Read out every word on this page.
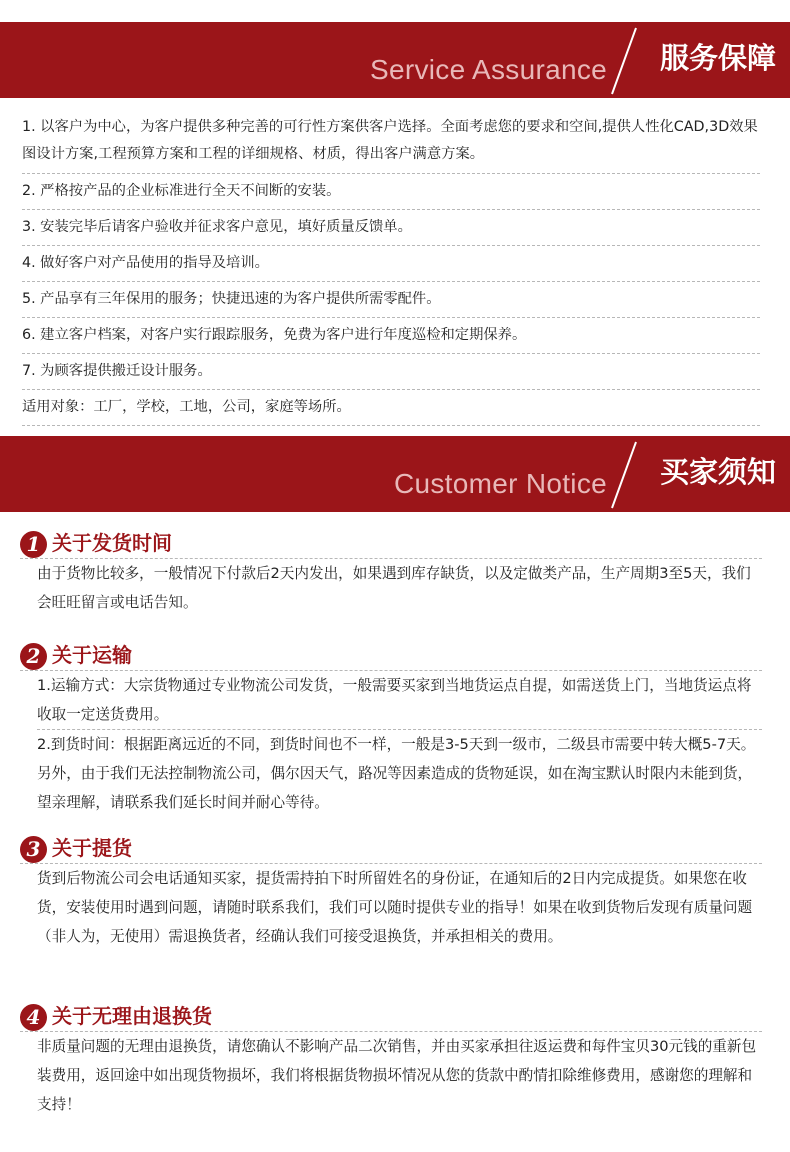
Service Assurance 服务保障
1. 以客户为中心，为客户提供多种完善的可行性方案供客户选择。全面考虑您的要求和空间,提供人性化CAD,3D效果图设计方案,工程预算方案和工程的详细规格、材质，得出客户满意方案。
2. 严格按产品的企业标准进行全天不间断的安装。
3. 安装完毕后请客户验收并征求客户意见，填好质量反馈单。
4. 做好客户对产品使用的指导及培训。
5. 产品享有三年保用的服务；快捷迅速的为客户提供所需零配件。
6. 建立客户档案，对客户实行跟踪服务，免费为客户进行年度巡检和定期保养。
7. 为顾客提供搬迁设计服务。
适用对象：工厂，学校，工地，公司，家庭等场所。
Customer Notice 买家须知
1 关于发货时间

由于货物比较多，一般情况下付款后2天内发出，如果遇到库存缺货，以及定做类产品，生产周期3至5天，我们会旺旺留言或电话告知。

2 关于运输

1.运输方式：大宗货物通过专业物流公司发货，一般需要买家到当地货运点自提，如需送货上门，当地货运点将收取一定送货费用。

2.到货时间：根据距离远近的不同，到货时间也不一样，一般是3-5天到一级市，二级县市需要中转大概5-7天。另外，由于我们无法控制物流公司，偶尔因天气，路况等因素造成的货物延误，如在淘宝默认时限内未能到货，望亲理解，请联系我们延长时间并耐心等待。

3 关于提货

货到后物流公司会电话通知买家，提货需持拍下时所留姓名的身份证，在通知后的2日内完成提货。如果您在收货，安装使用时遇到问题，请随时联系我们，我们可以随时提供专业的指导！如果在收到货物后发现有质量问题（非人为，无使用）需退换货者，经确认我们可接受退换货，并承担相关的费用。

4 关于无理由退换货

非质量问题的无理由退换货，请您确认不影响产品二次销售，并由买家承担往返运费和每件宝贝30元钱的重新包装费用，返回途中如出现货物损坏，我们将根据货物损坏情况从您的货款中酌情扣除维修费用，感谢您的理解和支持！
